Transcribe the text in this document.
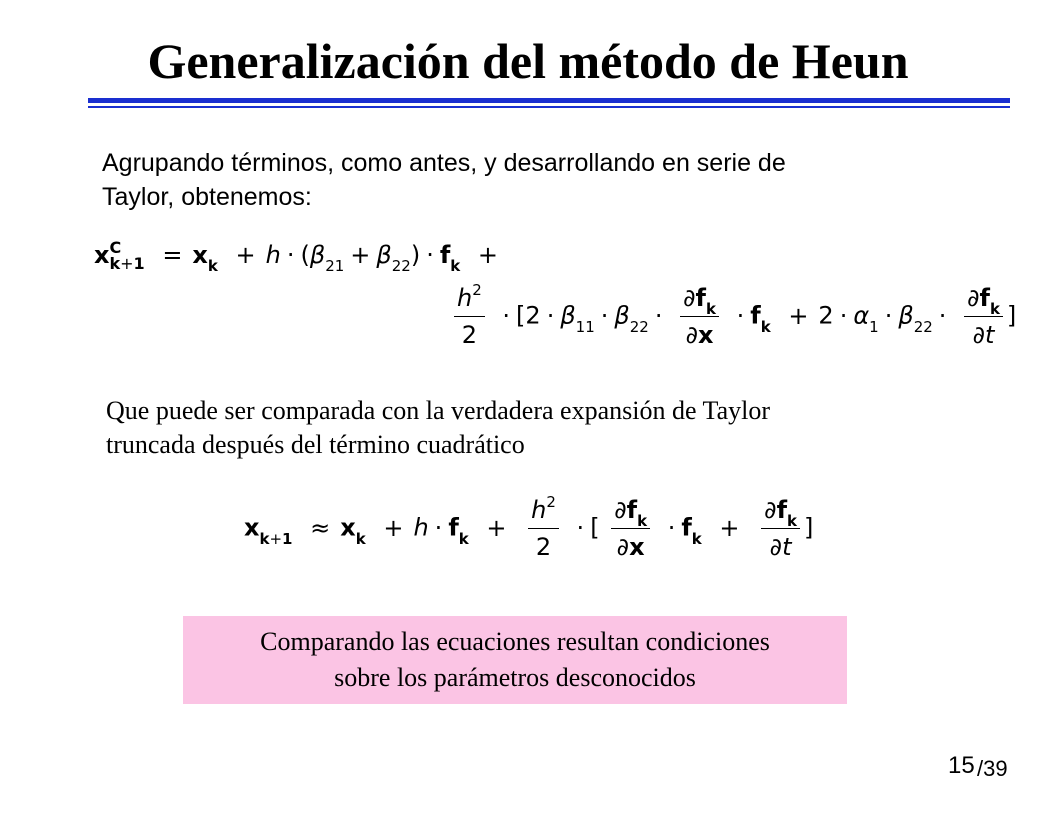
Generalización del método de Heun
Agrupando términos, como antes, y desarrollando en serie de
Taylor, obtenemos:
x C
$k+1 = x_k + h \cdot (\beta_{21} + \beta_{22}) \cdot f_k$ +
$\frac{h^2}{2} \cdot [2 \cdot \beta_{11} \cdot \beta_{22} \cdot \frac{\partial f_k}{\partial x} \cdot f_k + 2 \cdot \alpha_1 \cdot \beta_{22} \cdot \frac{\partial f_k}{\partial t}$ ]
Que puede ser comparada con la verdadera expansión de Taylor
truncada después del término cuadrático
$x_{k+1} \approx x_k + h \cdot f_k + \frac{h^2}{2}$ · [ $\frac{\partial f_k}{\partial x} \cdot f_k + \frac{\partial f_k}{\partial t}$ ]
Comparando las ecuaciones resultan condiciones
sobre los parámetros desconocidos
15 /39
